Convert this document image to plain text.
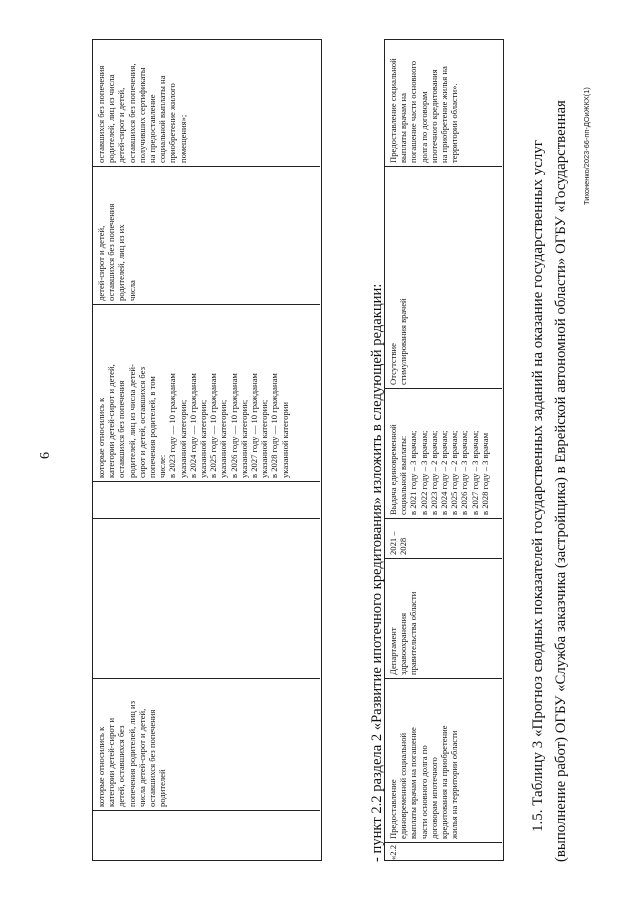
6
которые относились к категории детей-сирот и детей, оставшихся без попечения родителей, лиц из числа детей-сирот и детей, оставшихся без попечения родителей
которые относились к категории детей-сирот и детей, оставшихся без попечения родителей, лиц из числа детей- сирот и детей, оставшихся без попечения родителей, в том числе: в 2023 году — 10 гражданам указанной категории; в 2024 году — 10 гражданам указанной категории; в 2025 году — 10 гражданам указанной категории; в 2026 году — 10 гражданам указанной категории; в 2027 году — 10 гражданам указанной категории; в 2028 году — 10 гражданам указанной категории
детей-сирот и детей, оставшихся без попечения родителей, лиц из их числа
оставшихся без попечения родителей, лиц из числа детей-сирот и детей, оставшихся без попечения, получивших сертификаты на предоставление социальной выплаты на приобретение жилого помещения»;
- пункт 2.2 раздела 2 «Развитие ипотечного кредитования» изложить в следующей редакции: «2.2
Предоставление единовременной социальной выплаты врачам на погашение части основного долга по договорам ипотечного кредитования на приобретение жилья на территории области
Департамент здравоохранения правительства области
2021 – 2028
Выдача единовременной социальной выплаты: в 2021 году – 3 врачам; в 2022 году – 3 врачам; в 2023 году – 2 врачам; в 2024 году – 2 врачам; в 2025 году – 2 врачам; в 2026 году – 3 врачам; в 2027 году – 3 врачам; в 2028 году – 3 врачам
Отсутствие стимулирования врачей
Предоставление социальной выплаты врачам на погашение части основного долга по договорам ипотечного кредитования на приобретение жилья на территории области».
1.5. Таблицу 3 «Прогноз сводных показателей государственных заданий на оказание государственных услуг (выполнение работ) ОГБУ «Служба заказчика (застройщика) в Еврейской автономной области» ОГБУ «Государственная Тихоненко/2023-66-пп-ДОиЖКХ(1)
